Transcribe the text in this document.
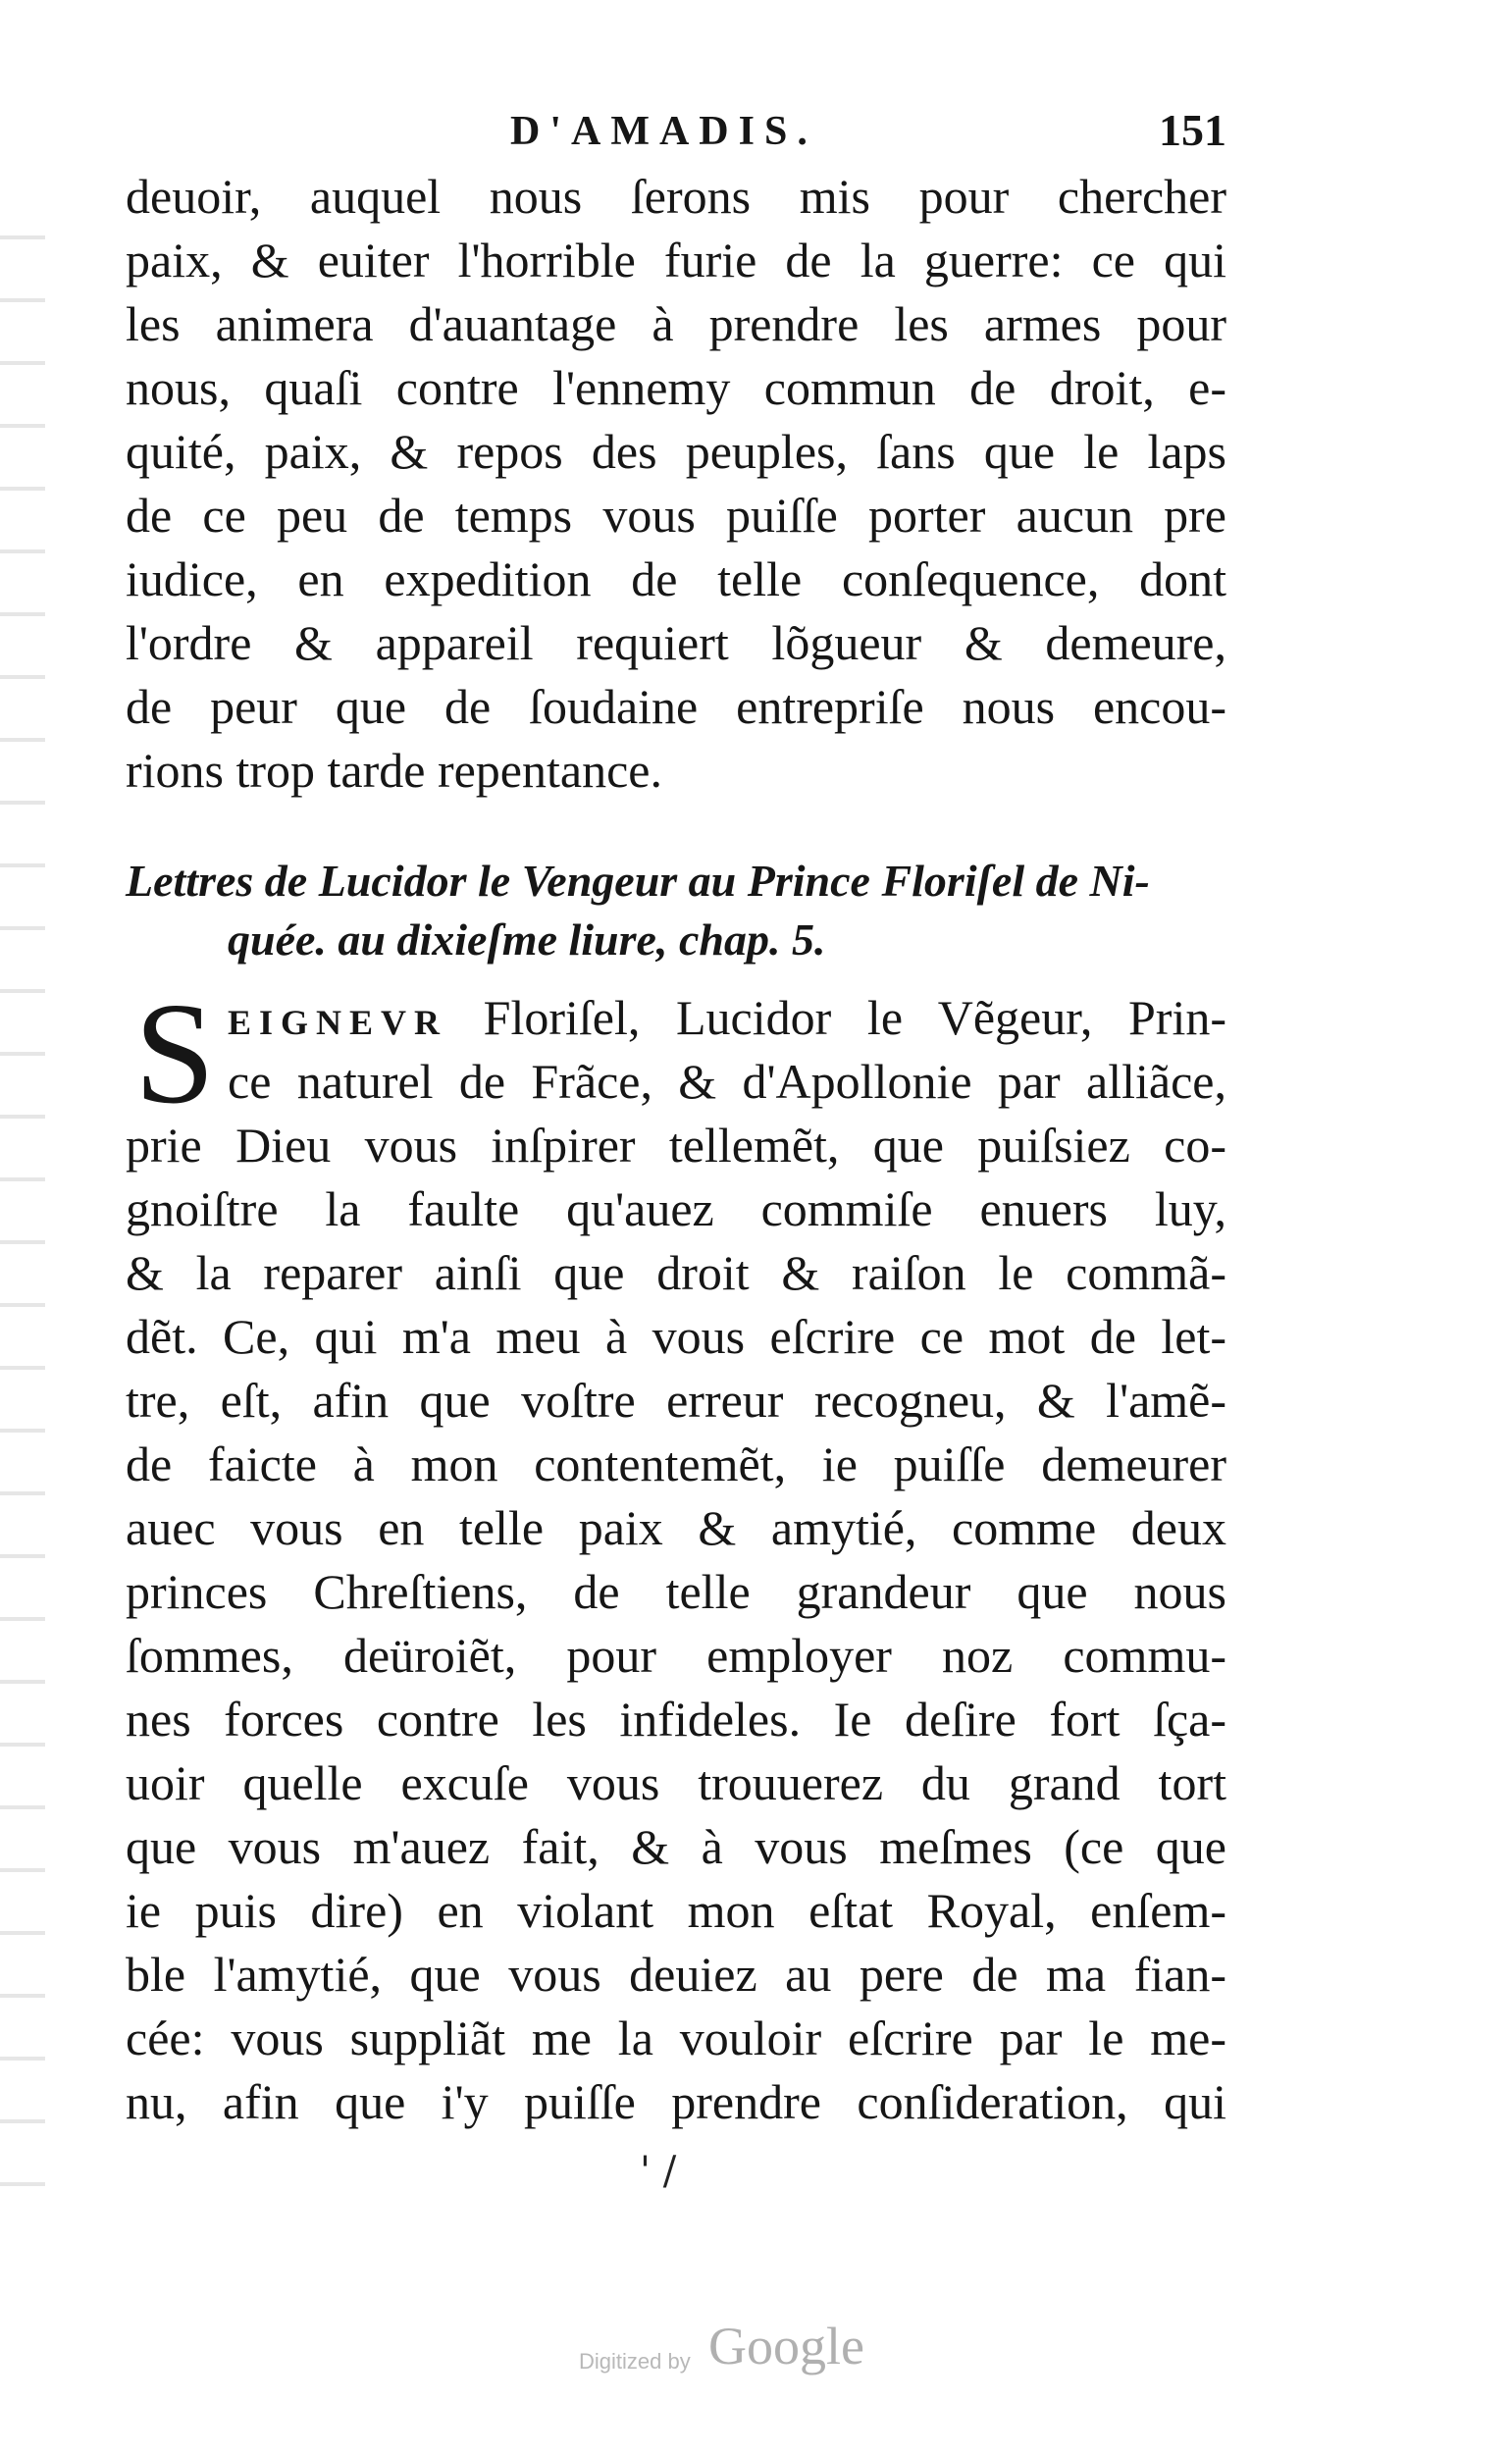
D'AMADIS.	151
deuoir, auquel nous ſerons mis pour chercher
paix, & euiter l'horrible furie de la guerre: ce qui
les animera d'auantage à prendre les armes pour
nous, quaſi contre l'ennemy commun de droit, e-
quité, paix, & repos des peuples, ſans que le laps
de ce peu de temps vous puiſſe porter aucun pre
iudice, en expedition de telle conſequence, dont
l'ordre & appareil requiert lõgueur & demeure,
de peur que de ſoudaine entrepriſe nous encou-
rions trop tarde repentance.
Lettres de Lucidor le Vengeur au Prince Floriſel de Ni-
quée. au dixieſme liure, chap. 5.
S EIGNEVR Floriſel, Lucidor le Vẽgeur, Prin-
ce naturel de Frãce, & d'Apollonie par alliãce,
prie Dieu vous inſpirer tellemẽt, que puiſsiez co-
gnoiſtre la faulte qu'auez commiſe enuers luy,
& la reparer ainſi que droit & raiſon le commã-
dẽt. Ce, qui m'a meu à vous eſcrire ce mot de let-
tre, eſt, afin que voſtre erreur recogneu, & l'amẽ-
de faicte à mon contentemẽt, ie puiſſe demeurer
auec vous en telle paix & amytié, comme deux
princes Chreſtiens, de telle grandeur que nous
ſommes, deüroiẽt, pour employer noz commu-
nes forces contre les infideles. Ie deſire fort ſça-
uoir quelle excuſe vous trouuerez du grand tort
que vous m'auez fait, & à vous meſmes (ce que
ie puis dire) en violant mon eſtat Royal, enſem-
ble l'amytié, que vous deuiez au pere de ma fian-
cée: vous suppliãt me la vouloir eſcrire par le me-
nu, afin que i'y puiſſe prendre conſideration, qui
' /
Digitized by Google
